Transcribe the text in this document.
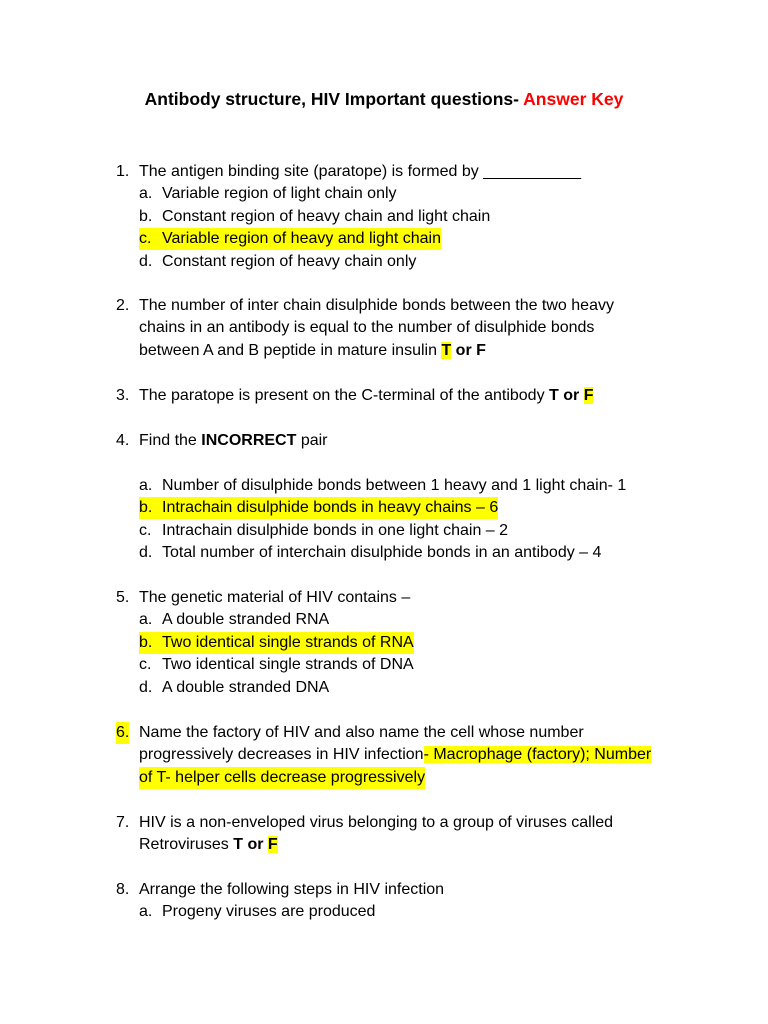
Antibody structure, HIV Important questions- Answer Key
1. The antigen binding site (paratope) is formed by ___________
a. Variable region of light chain only
b. Constant region of heavy chain and light chain
c. Variable region of heavy and light chain
d. Constant region of heavy chain only
2. The number of inter chain disulphide bonds between the two heavy
chains in an antibody is equal to the number of disulphide bonds
between A and B peptide in mature insulin T or F
3. The paratope is present on the C-terminal of the antibody T or F
4. Find the INCORRECT pair
a. Number of disulphide bonds between 1 heavy and 1 light chain- 1
b. Intrachain disulphide bonds in heavy chains – 6
c. Intrachain disulphide bonds in one light chain – 2
d. Total number of interchain disulphide bonds in an antibody – 4
5. The genetic material of HIV contains –
a. A double stranded RNA
b. Two identical single strands of RNA
c. Two identical single strands of DNA
d. A double stranded DNA
6. Name the factory of HIV and also name the cell whose number
progressively decreases in HIV infection- Macrophage (factory); Number
of T- helper cells decrease progressively
7. HIV is a non-enveloped virus belonging to a group of viruses called
Retroviruses T or F
8. Arrange the following steps in HIV infection
a. Progeny viruses are produced
